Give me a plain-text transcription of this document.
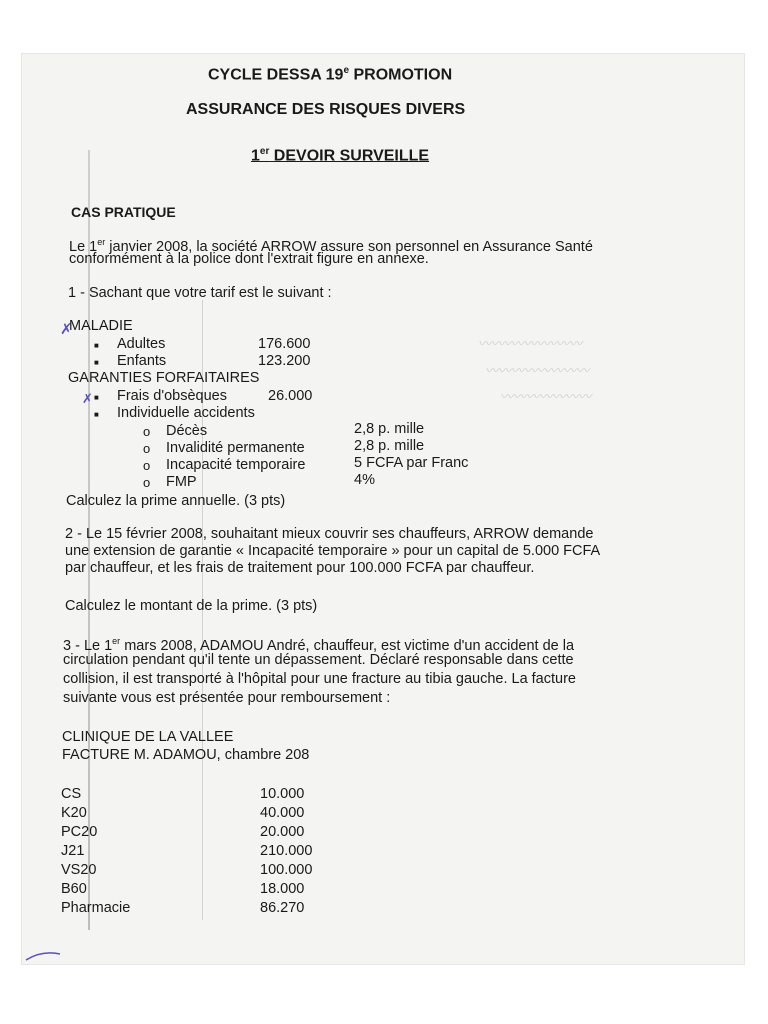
CYCLE DESSA 19e PROMOTION
ASSURANCE DES RISQUES DIVERS
1er DEVOIR SURVEILLE
CAS PRATIQUE
Le 1er janvier 2008, la société ARROW assure son personnel en Assurance Santé
conformément à la police dont l'extrait figure en annexe.
1 - Sachant que votre tarif est le suivant :
✗
MALADIE
■ Adultes	176.600
■ Enfants	123.200
GARANTIES FORFAITAIRES
✗ ■ Frais d'obsèques	26.000
■ Individuelle accidents
o Décès	2,8 p. mille
o Invalidité permanente	2,8 p. mille
o Incapacité temporaire	5 FCFA par Franc
o FMP	4%
Calculez la prime annuelle. (3 pts)
〰〰〰〰〰〰〰〰
〰〰〰〰〰〰〰〰
〰〰〰〰〰〰〰
2 - Le 15 février 2008, souhaitant mieux couvrir ses chauffeurs, ARROW demande
une extension de garantie « Incapacité temporaire » pour un capital de 5.000 FCFA
par chauffeur, et les frais de traitement pour 100.000 FCFA par chauffeur.
Calculez le montant de la prime. (3 pts)
3 - Le 1er mars 2008, ADAMOU André, chauffeur, est victime d'un accident de la
circulation pendant qu'il tente un dépassement. Déclaré responsable dans cette
collision, il est transporté à l'hôpital pour une fracture au tibia gauche. La facture
suivante vous est présentée pour remboursement :
CLINIQUE DE LA VALLEE
FACTURE M. ADAMOU, chambre 208
CS	10.000
K20	40.000
PC20	20.000
J21	210.000
VS20	100.000
B60	18.000
Pharmacie	86.270
